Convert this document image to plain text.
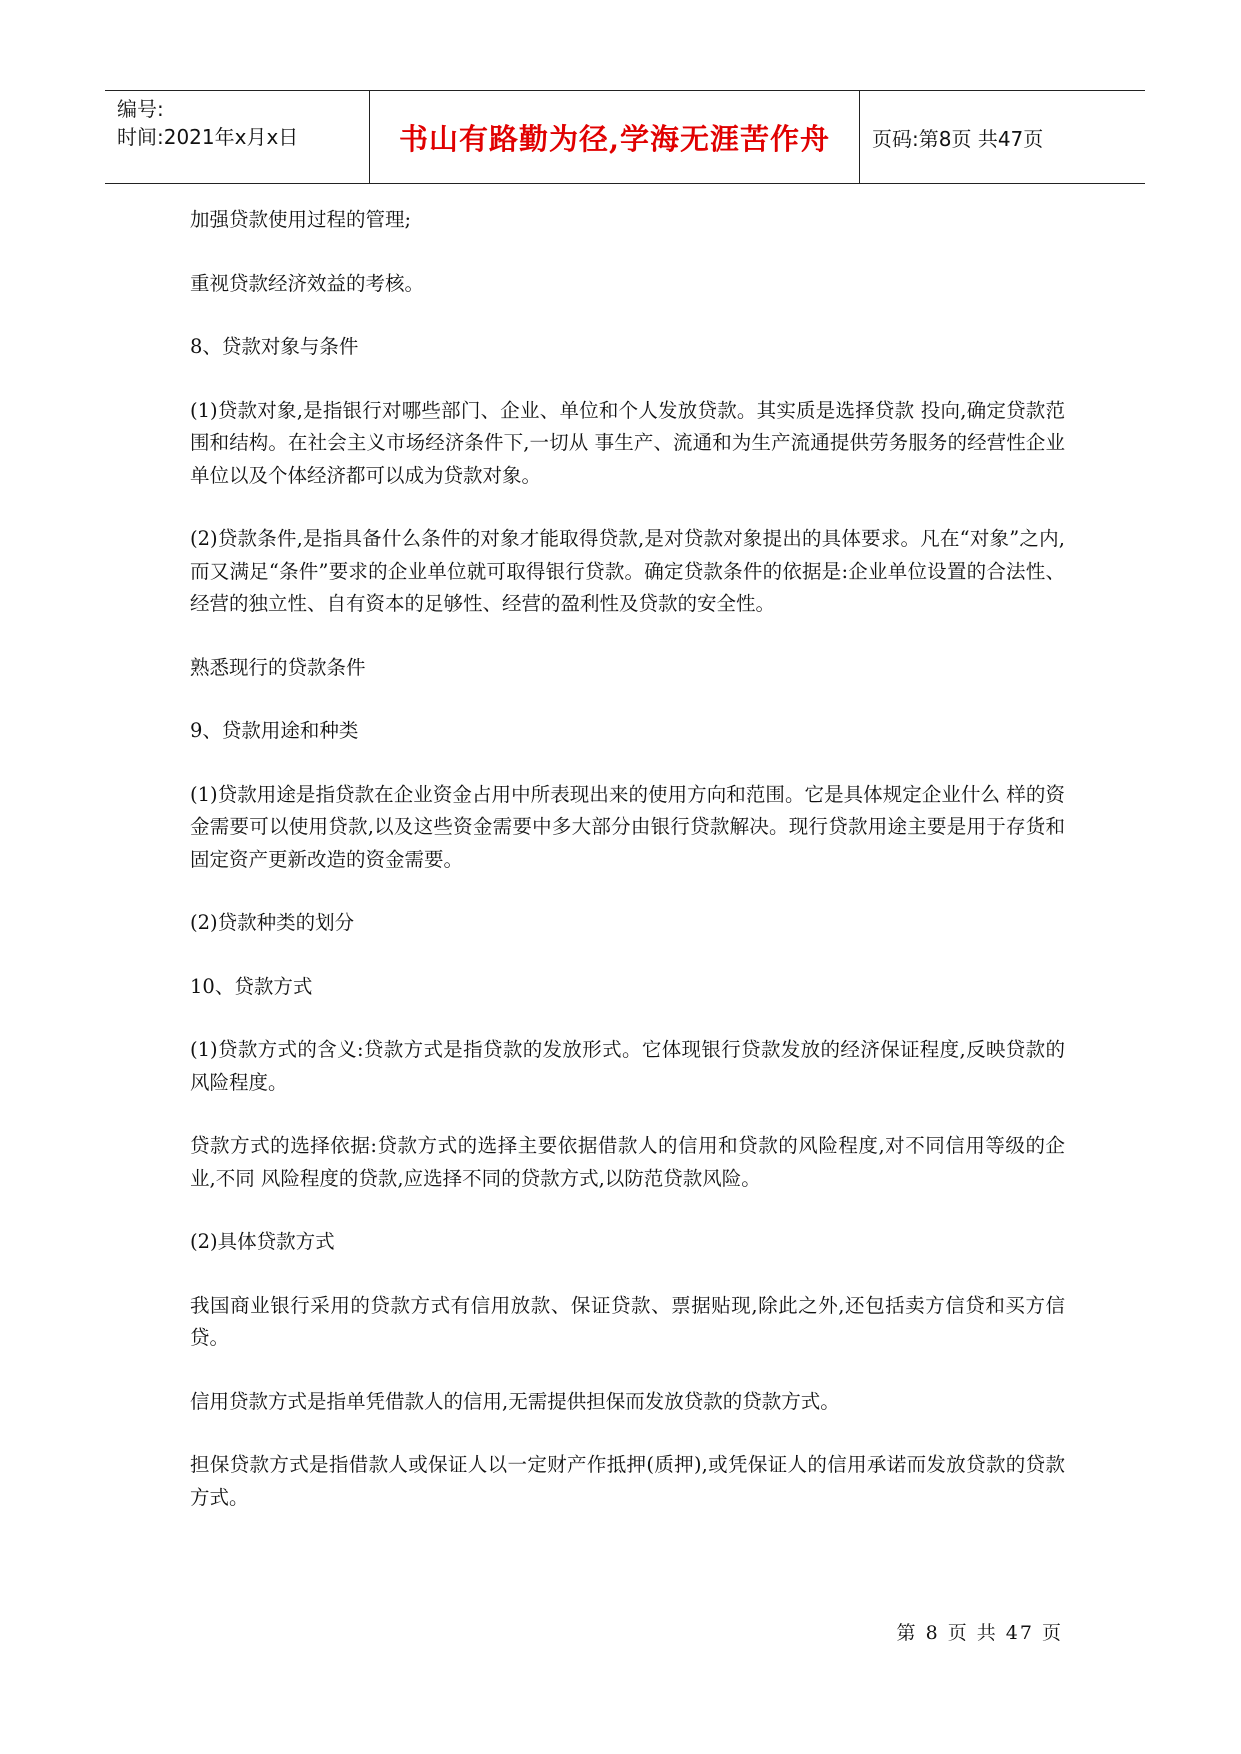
编号:
时间:2021年x月x日	书山有路勤为径,学海无涯苦作舟 页码:第8页 共47页

加强贷款使用过程的管理;

重视贷款经济效益的考核。

8、贷款对象与条件

(1)贷款对象,是指银行对哪些部门、企业、单位和个人发放贷款。其实质是选择贷款 投向,确定贷款范围和结构。在社会主义市场经济条件下,一切从 事生产、流通和为生产流通提供劳务服务的经营性企业单位以及个体经济都可以成为贷款对象。

(2)贷款条件,是指具备什么条件的对象才能取得贷款,是对贷款对象提出的具体要求。凡在“对象”之内,而又满足“条件”要求的企业单位就可取得银行贷款。确定贷款条件的依据是:企业单位设置的合法性、经营的独立性、自有资本的足够性、经营的盈利性及贷款的安全性。

熟悉现行的贷款条件

9、贷款用途和种类

(1)贷款用途是指贷款在企业资金占用中所表现出来的使用方向和范围。它是具体规定企业什么 样的资金需要可以使用贷款,以及这些资金需要中多大部分由银行贷款解决。现行贷款用途主要是用于存货和固定资产更新改造的资金需要。

(2)贷款种类的划分

10、贷款方式

(1)贷款方式的含义:贷款方式是指贷款的发放形式。它体现银行贷款发放的经济保证程度,反映贷款的风险程度。

贷款方式的选择依据:贷款方式的选择主要依据借款人的信用和贷款的风险程度,对不同信用等级的企业,不同 风险程度的贷款,应选择不同的贷款方式,以防范贷款风险。

(2)具体贷款方式

我国商业银行采用的贷款方式有信用放款、保证贷款、票据贴现,除此之外,还包括卖方信贷和买方信贷。

信用贷款方式是指单凭借款人的信用,无需提供担保而发放贷款的贷款方式。

担保贷款方式是指借款人或保证人以一定财产作抵押(质押),或凭保证人的信用承诺而发放贷款的贷款方式。

第 8 页 共 47 页
